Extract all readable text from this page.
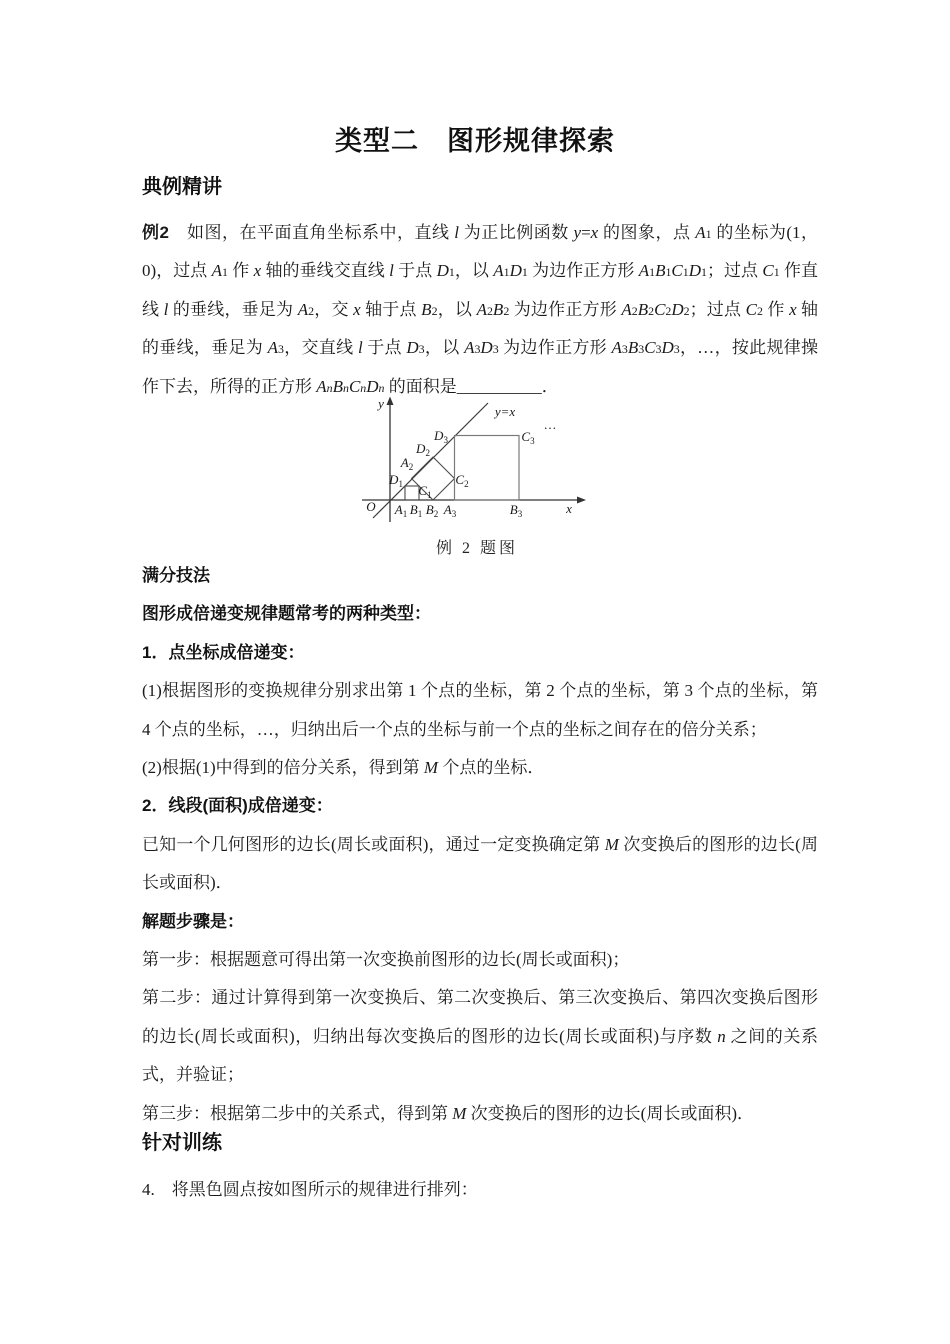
类型二　图形规律探索
典例精讲
例2　如图，在平面直角坐标系中，直线 l 为正比例函数 y=x 的图象，点 $A_1$ 的坐标为(1，0)，过点 $A_1$ 作 x 轴的垂线交直线 l 于点 $D_1$，以 $A_1D_1$ 为边作正方形 $A_1B_1C_1D_1$；过点 $C_1$ 作直线 l 的垂线，垂足为 $A_2$，交 x 轴于点 $B_2$，以 $A_2B_2$ 为边作正方形 $A_2B_2C_2D_2$；过点 $C_2$ 作 x 轴的垂线，垂足为 $A_3$，交直线 l 于点 $D_3$，以 $A_3D_3$ 为边作正方形 $A_3B_3C_3D_3$，…，按此规律操作下去，所得的正方形 $A_nB_nC_nD_n$ 的面积是__________．
y
y=x
…
$D_3$	$C_3$
$D_2$
$A_2$
$D_1$ $C_1$
$C_2$
O $A_1$ $B_1$ $B_2$ $A_3$	$B_3$	x
例 2 题图

满分技法

图形成倍递变规律题常考的两种类型：

1．点坐标成倍递变：

(1)根据图形的变换规律分别求出第 1 个点的坐标，第 2 个点的坐标，第 3 个点的坐标，第 4 个点的坐标，…，归纳出后一个点的坐标与前一个点的坐标之间存在的倍分关系；

(2)根据(1)中得到的倍分关系，得到第 M 个点的坐标．

2．线段(面积)成倍递变：

已知一个几何图形的边长(周长或面积)，通过一定变换确定第 M 次变换后的图形的边长(周长或面积)．

解题步骤是：

第一步：根据题意可得出第一次变换前图形的边长(周长或面积)；

第二步：通过计算得到第一次变换后、第二次变换后、第三次变换后、第四次变换后图形的边长(周长或面积)，归纳出每次变换后的图形的边长(周长或面积)与序数 n 之间的关系式，并验证；

第三步：根据第二步中的关系式，得到第 M 次变换后的图形的边长(周长或面积)．

针对训练
4.　将黑色圆点按如图所示的规律进行排列：
